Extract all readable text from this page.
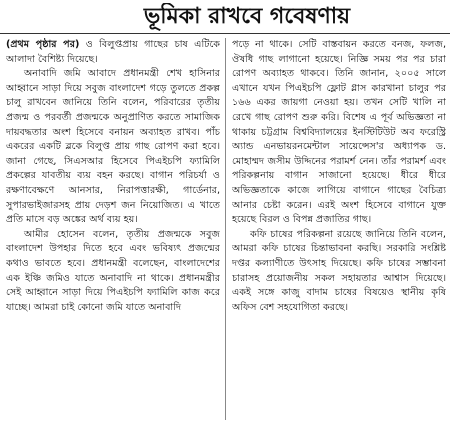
ভূমিকা রাখবে গবেষণায়

(প্রথম পৃষ্ঠার পর) ও বিলুপ্তপ্রায় গাছের চাষ এটিকে আলাদা বৈশিষ্ট্য দিয়েছে।

অনাবাদি জমি আবাদে প্রধানমন্ত্রী শেখ হাসিনার আহ্বানে সাড়া দিয়ে সবুজ বাংলাদেশ গড়ে তুলতে প্রকল্প চালু রাখবেন জানিয়ে তিনি বলেন, পরিবারের তৃতীয় প্রজন্ম ও পরবর্তী প্রজন্মকে অনুপ্রাণিত করতে সামাজিক দায়বদ্ধতার অংশ হিসেবে বনায়ন অব্যাহত রাখব। পাঁচ একরের একটি ব্লকে বিলুপ্ত প্রায় গাছ রোপণ করা হবে। জানা গেছে, সিএসআর হিসেবে পিএইচপি ফ্যামিলি প্রকল্পের যাবতীয় ব্যয় বহন করছে। বাগান পরিচর্যা ও রক্ষণাবেক্ষণে আনসার, নিরাপত্তারক্ষী, গার্ডেনার, সুপারভাইজারসহ প্রায় দেড়শ জন নিয়োজিত। এ খাতে প্রতি মাসে বড় অঙ্কের অর্থ ব্যয় হয়।

আমীর হোসেন বলেন, তৃতীয় প্রজন্মকে সবুজ বাংলাদেশ উপহার দিতে হবে এবং ভবিষ্যৎ প্রজন্মের কথাও ভাবতে হবে। প্রধানমন্ত্রী বলেছেন, বাংলাদেশের এক ইঞ্চি জমিও যাতে অনাবাদি না থাকে। প্রধানমন্ত্রীর সেই আহ্বানে সাড়া দিয়ে পিএইচপি ফ্যামিলি কাজ করে যাচ্ছে। আমরা চাই কোনো জমি যাতে অনাবাদি

পড়ে না থাকে। সেটি বাস্তবায়ন করতে বনজ, ফলজ, ঔষধি গাছ লাগানো হয়েছে। নিজ্ঞি সময় পর পর চারা রোপণ অব্যাহত থাকবে। তিনি জানান, ২০০৫ সালে এখানে যখন পিএইচপি ফ্লোট গ্লাস কারখানা চালুর পর ১৬৬ একর জায়গা নেওয়া হয়। তখন সেটি খালি না রেখে গাছ রোপণ শুরু করি। বিশেষ এ পূর্ব অভিজ্ঞতা না থাকায় চট্টগ্রাম বিশ্ববিদ্যালয়ের ইনস্টিটিউট অব ফরেস্ট্রি অ্যান্ড এনভায়রনমেন্টাল সায়েন্সেস'র অধ্যাপক ড. মোহাম্মদ জসীম উদ্দিনের পরামর্শ নেন। তাঁর পরামর্শ এবং পরিকল্পনায় বাগান সাজানো হয়েছে। ধীরে ধীরে অভিজ্ঞতাকে কাজে লাগিয়ে বাগানে গাছের বৈচিত্র্য আনার চেষ্টা করেন। এরই অংশ হিসেবে বাগানে যুক্ত হয়েছে বিরল ও বিপন্ন প্রজাতির গাছ।

কফি চাষের পরিকল্পনা রয়েছে জানিয়ে তিনি বলেন, আমরা কফি চাষের চিন্তাভাবনা করছি। সরকারি সংশ্লিষ্ট দপ্তর কল্যাণীতে উৎসাহ দিয়েছে। কফি চাষের সম্ভাবনা চারাসহ প্রয়োজনীয় সকল সহায়তার আশ্বাস দিয়েছে। একই সঙ্গে কাজু বাদাম চাষের বিষয়েও স্থানীয় কৃষি অফিস বেশ সহযোগিতা করছে।
